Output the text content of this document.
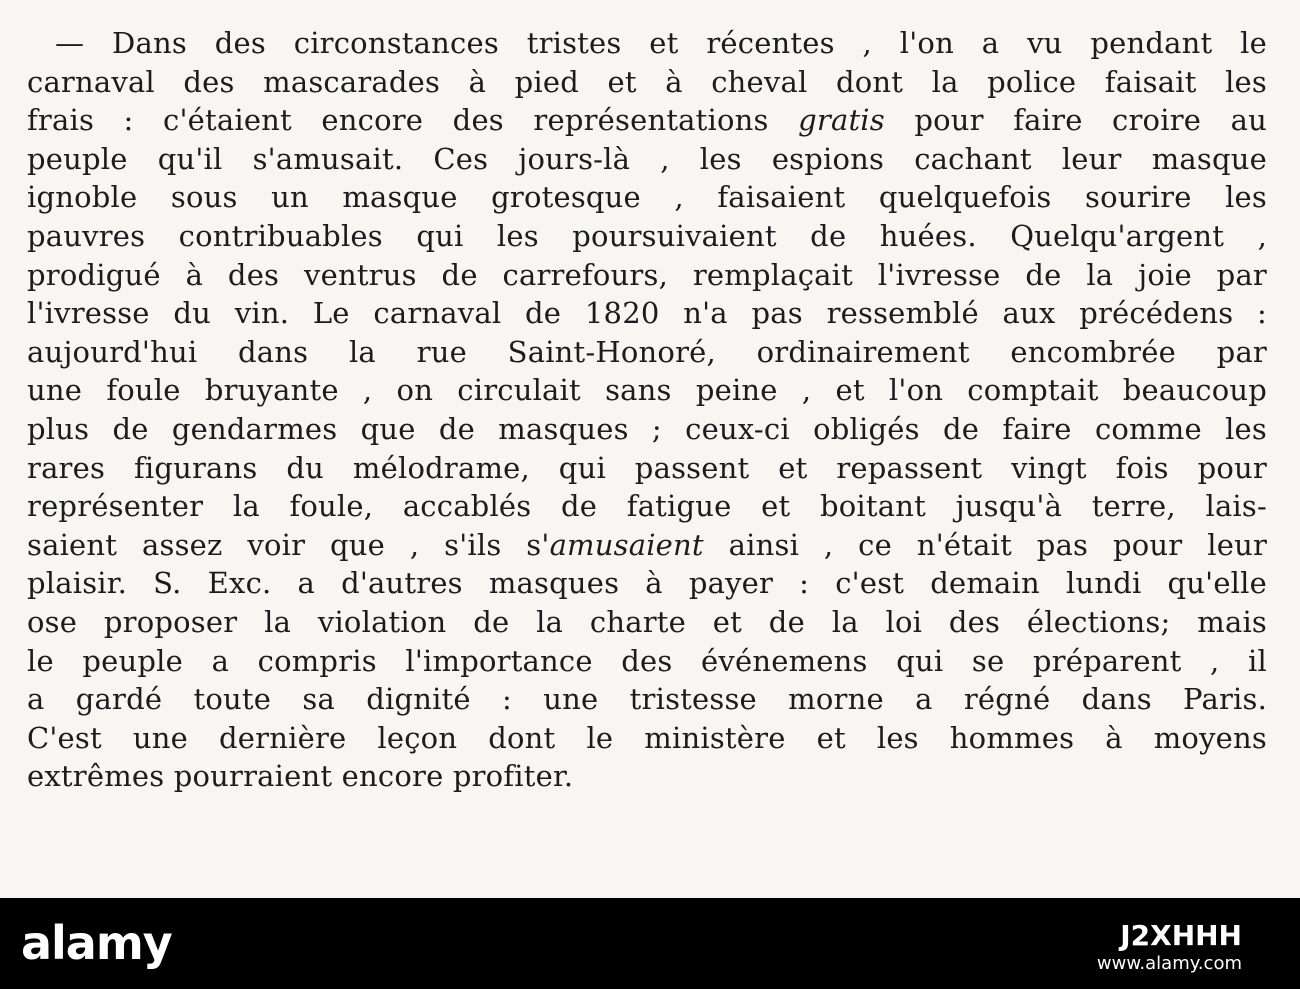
— Dans des circonstances tristes et récentes , l'on a vu pendant le
carnaval des mascarades à pied et à cheval dont la police faisait les
frais : c'étaient encore des représentations gratis pour faire croire au
peuple qu'il s'amusait. Ces jours-là , les espions cachant leur masque
ignoble sous un masque grotesque , faisaient quelquefois sourire les
pauvres contribuables qui les poursuivaient de huées. Quelqu'argent ,
prodigué à des ventrus de carrefours, remplaçait l'ivresse de la joie par
l'ivresse du vin. Le carnaval de 1820 n'a pas ressemblé aux précédens :
aujourd'hui dans la rue Saint-Honoré, ordinairement encombrée par
une foule bruyante , on circulait sans peine , et l'on comptait beaucoup
plus de gendarmes que de masques ; ceux-ci obligés de faire comme les
rares figurans du mélodrame, qui passent et repassent vingt fois pour
représenter la foule, accablés de fatigue et boitant jusqu'à terre, lais-
saient assez voir que , s'ils s'amusaient ainsi , ce n'était pas pour leur
plaisir. S. Exc. a d'autres masques à payer : c'est demain lundi qu'elle
ose proposer la violation de la charte et de la loi des élections; mais
le peuple a compris l'importance des événemens qui se préparent , il
a gardé toute sa dignité : une tristesse morne a régné dans Paris.
C'est une dernière leçon dont le ministère et les hommes à moyens
extrêmes pourraient encore profiter.
alamy	J2XHHH
www.alamy.com
